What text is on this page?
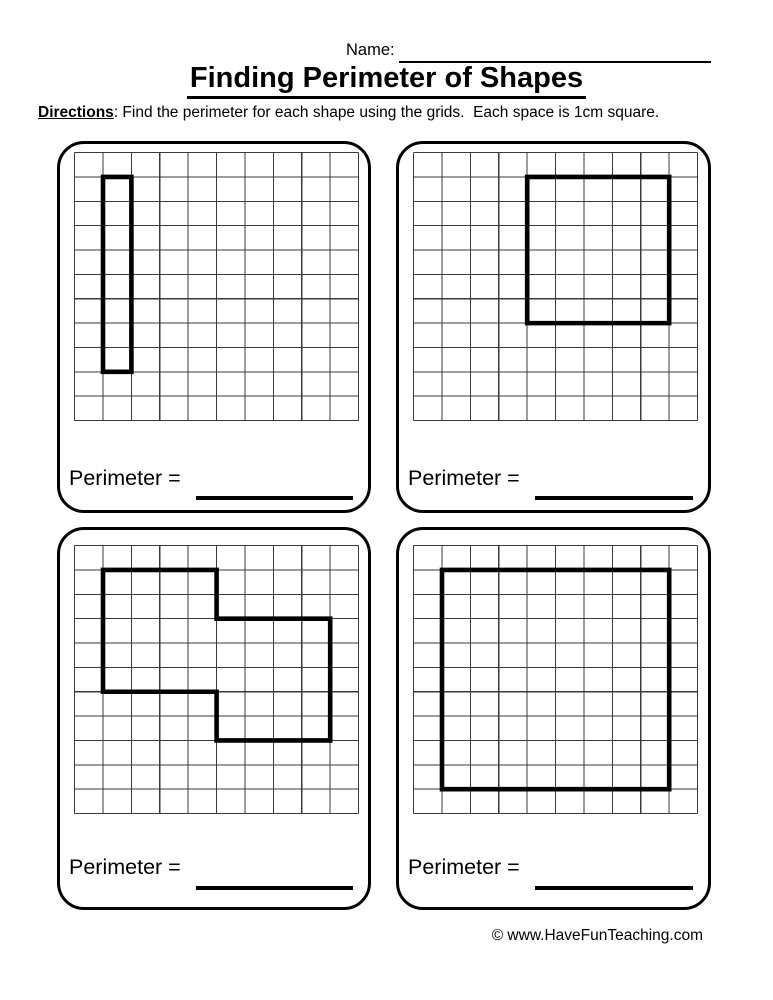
Name:
Finding Perimeter of Shapes

Directions: Find the perimeter for each shape using the grids.  Each space is 1cm square.

Perimeter =	Perimeter =
Perimeter =	Perimeter =
© www.HaveFunTeaching.com
